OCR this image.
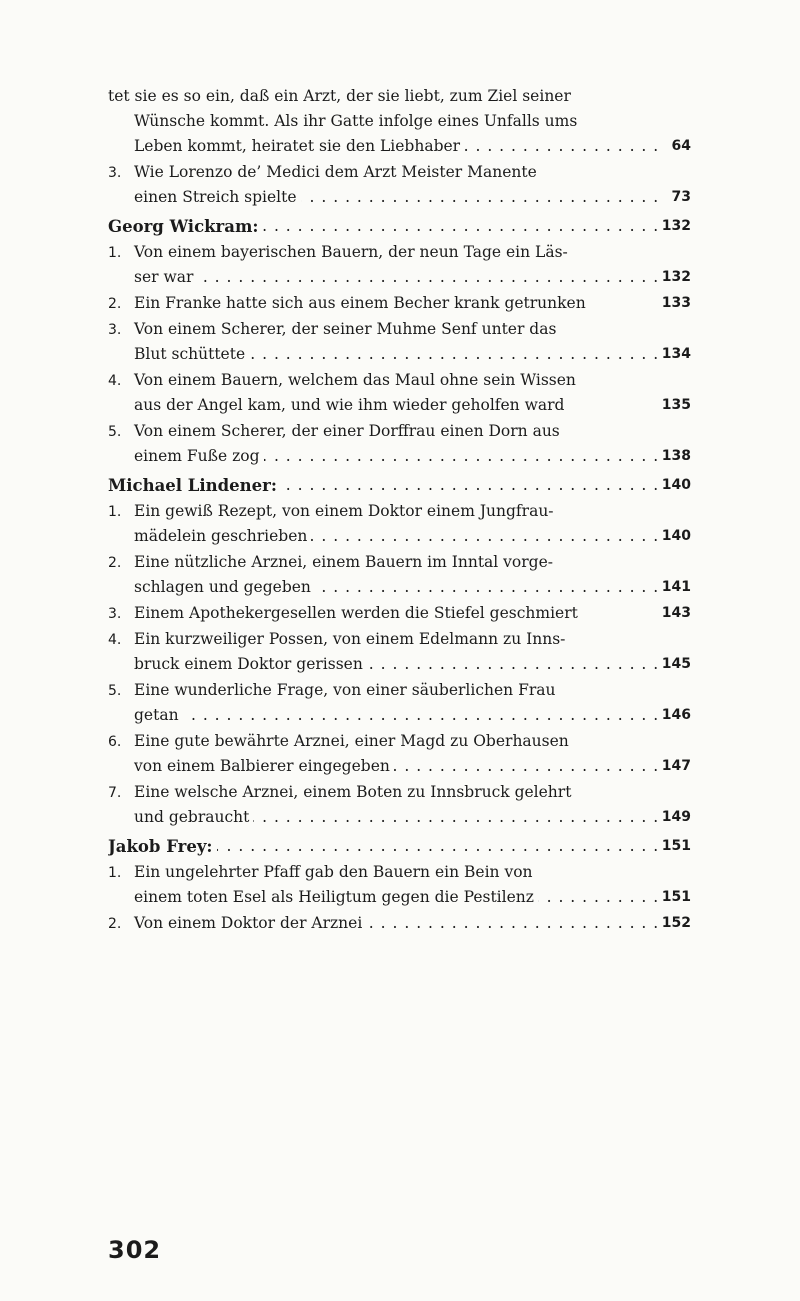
tet sie es so ein, daß ein Arzt, der sie liebt, zum Ziel seiner
Wünsche kommt. Als ihr Gatte infolge eines Unfalls ums
. . . Leben kommt, heiratet sie den Liebhaber	64
3. Wie Lorenzo de’ Medici dem Arzt Meister Manente
. . . einen Streich spielte	73
. . . Georg Wickram:	132
1. Von einem bayerischen Bauern, der neun Tage ein Läs-
. . . ser war	132
2. Ein Franke hatte sich aus einem Becher krank getrunken	133
3. Von einem Scherer, der seiner Muhme Senf unter das
. . . Blut schüttete	134
4. Von einem Bauern, welchem das Maul ohne sein Wissen
aus der Angel kam, und wie ihm wieder geholfen ward	135
5. Von einem Scherer, der einer Dorffrau einen Dorn aus
. . . einem Fuße zog	138
. . . Michael Lindener:	140
1. Ein gewiß Rezept, von einem Doktor einem Jungfrau-
. . . mädelein geschrieben	140
2. Eine nützliche Arznei, einem Bauern im Inntal vorge-
. . . schlagen und gegeben	141
3. Einem Apothekergesellen werden die Stiefel geschmiert	143
4. Ein kurzweiliger Possen, von einem Edelmann zu Inns-
. . . bruck einem Doktor gerissen	145
5. Eine wunderliche Frage, von einer säuberlichen Frau
. . . getan	146
6. Eine gute bewährte Arznei, einer Magd zu Oberhausen
. . . von einem Balbierer eingegeben	147
7. Eine welsche Arznei, einem Boten zu Innsbruck gelehrt
. . . und gebraucht	149
. . . Jakob Frey:	151
1. Ein ungelehrter Pfaff gab den Bauern ein Bein von
. . . einem toten Esel als Heiligtum gegen die Pestilenz	151
. . . 2. Von einem Doktor der Arznei	152
302
